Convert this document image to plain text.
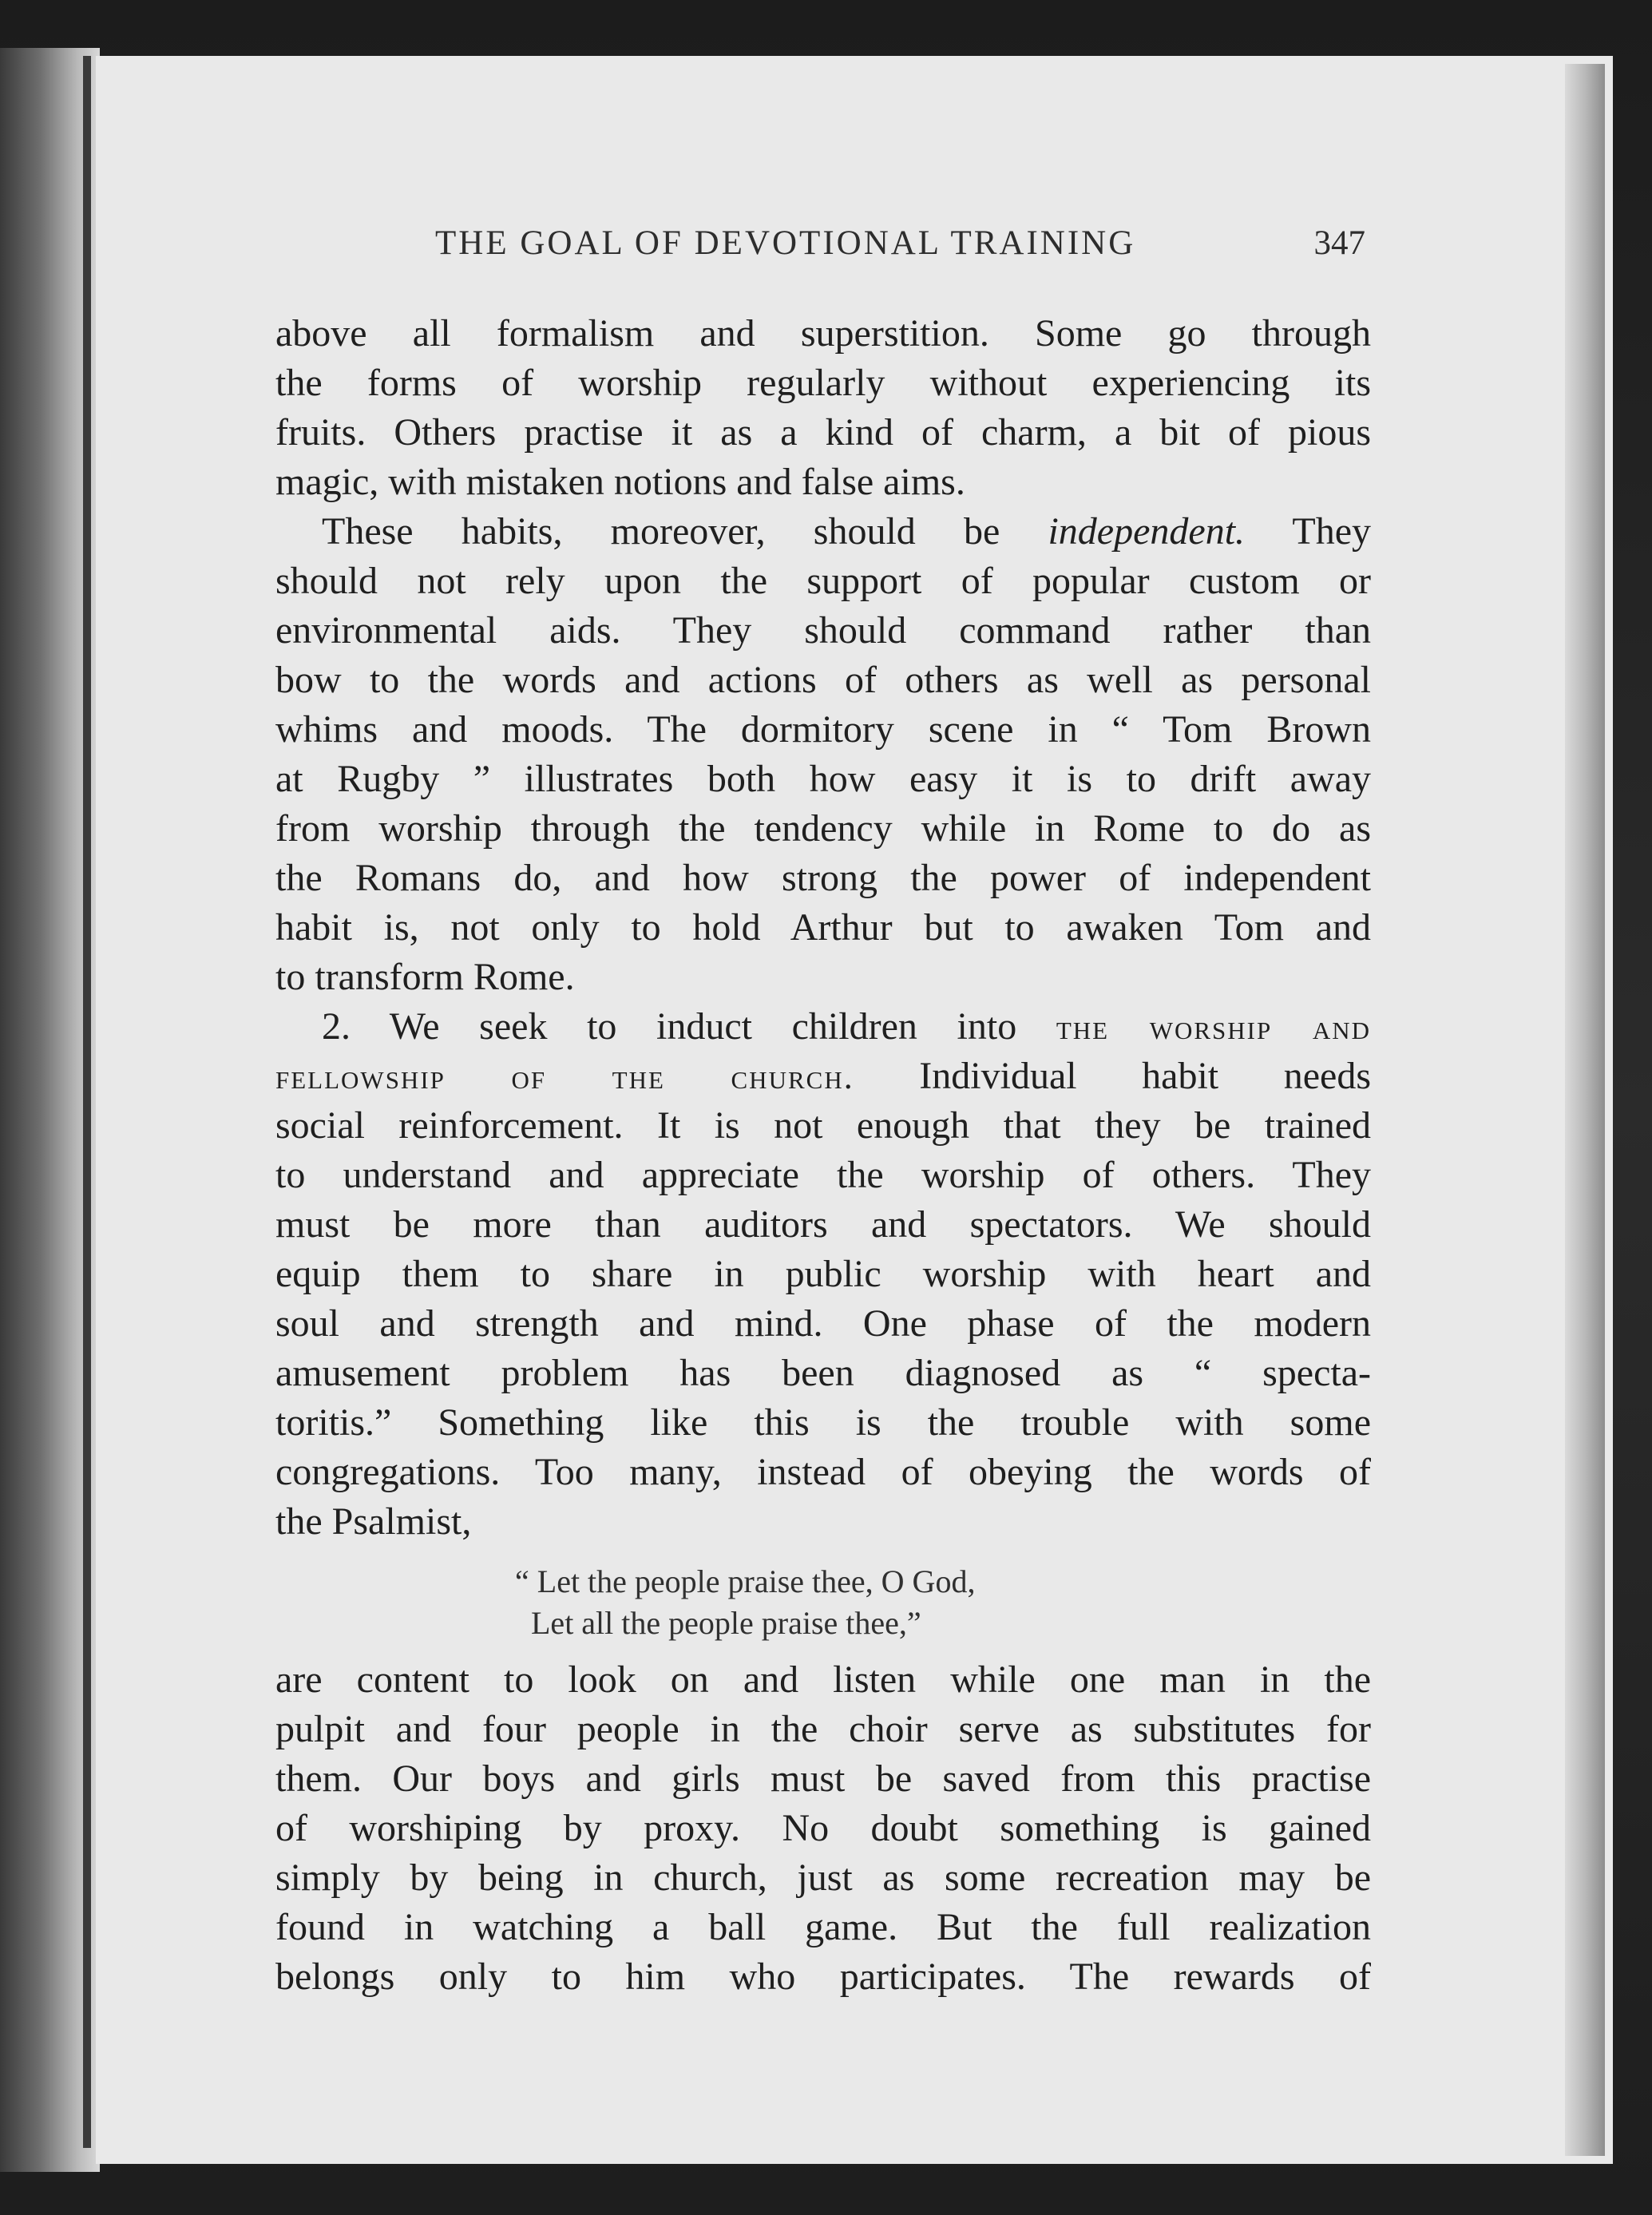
THE GOAL OF DEVOTIONAL TRAINING	347
above all formalism and superstition. Some go through
the forms of worship regularly without experiencing its
fruits. Others practise it as a kind of charm, a bit of pious
magic, with mistaken notions and false aims.
These habits, moreover, should be independent. They
should not rely upon the support of popular custom or
environmental aids. They should command rather than
bow to the words and actions of others as well as personal
whims and moods. The dormitory scene in “ Tom Brown
at Rugby ” illustrates both how easy it is to drift away
from worship through the tendency while in Rome to do as
the Romans do, and how strong the power of independent
habit is, not only to hold Arthur but to awaken Tom and
to transform Rome.
2. We seek to induct children into the worship and
fellowship of the church. Individual habit needs
social reinforcement. It is not enough that they be trained
to understand and appreciate the worship of others. They
must be more than auditors and spectators. We should
equip them to share in public worship with heart and
soul and strength and mind. One phase of the modern
amusement problem has been diagnosed as “ specta-
toritis.” Something like this is the trouble with some
congregations. Too many, instead of obeying the words of
the Psalmist,
“ Let the people praise thee, O God,
Let all the people praise thee,”
are content to look on and listen while one man in the
pulpit and four people in the choir serve as substitutes for
them. Our boys and girls must be saved from this practise
of worshiping by proxy. No doubt something is gained
simply by being in church, just as some recreation may be
found in watching a ball game. But the full realization
belongs only to him who participates. The rewards of
